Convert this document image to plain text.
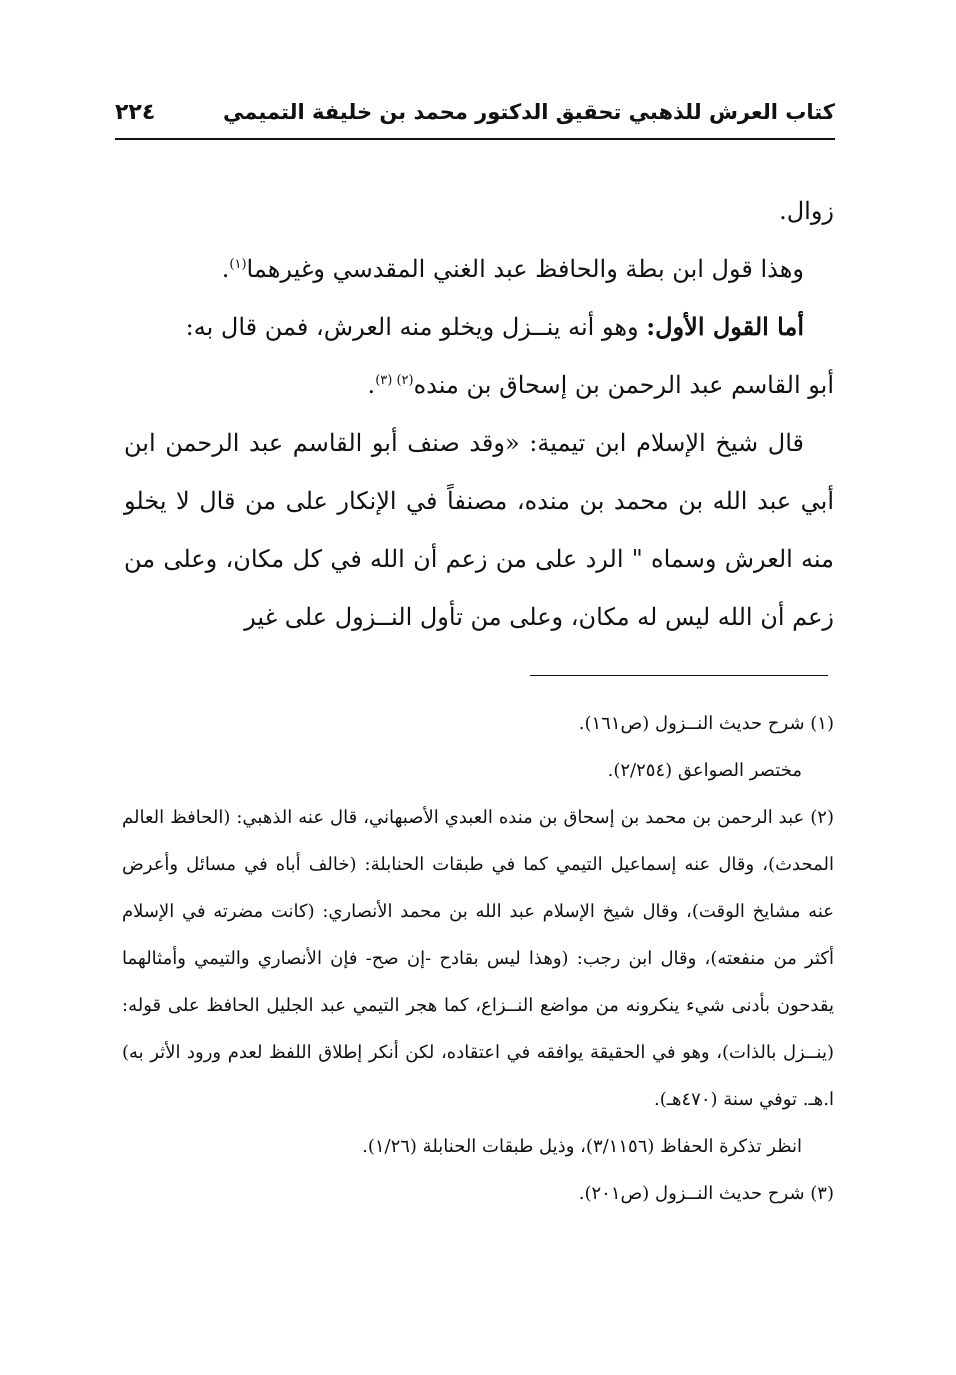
كتاب العرش للذهبي تحقيق الدكتور محمد بن خليفة التميمي
٢٢٤

زوال.

وهذا قول ابن بطة والحافظ عبد الغني المقدسي وغيرهما$^{(١)}$.

أما القول الأول: وهو أنه ينــزل ويخلو منه العرش، فمن قال به:

أبو القاسم عبد الرحمن بن إسحاق بن منده$^{(٢) (٣)}$.

قال شيخ الإسلام ابن تيمية: «وقد صنف أبو القاسم عبد الرحمن ابن أبي عبد الله بن محمد بن منده، مصنفاً في الإنكار على من قال لا يخلو منه العرش وسماه " الرد على من زعم أن الله في كل مكان، وعلى من زعم أن الله ليس له مكان، وعلى من تأول النــزول على غير

(١) شرح حديث النــزول (ص١٦١).

مختصر الصواعق (٢/٢٥٤).

(٢) عبد الرحمن بن محمد بن إسحاق بن منده العبدي الأصبهاني، قال عنه الذهبي: (الحافظ العالم المحدث)، وقال عنه إسماعيل التيمي كما في طبقات الحنابلة: (خالف أباه في مسائل وأعرض عنه مشايخ الوقت)، وقال شيخ الإسلام عبد الله بن محمد الأنصاري: (كانت مضرته في الإسلام أكثر من منفعته)، وقال ابن رجب: (وهذا ليس بقادح -إن صح- فإن الأنصاري والتيمي وأمثالهما يقدحون بأدنى شيء ينكرونه من مواضع النــزاع، كما هجر التيمي عبد الجليل الحافظ على قوله: (ينــزل بالذات)، وهو في الحقيقة يوافقه في اعتقاده، لكن أنكر إطلاق اللفظ لعدم ورود الأثر به) ا.هـ. توفي سنة (٤٧٠هـ).

انظر تذكرة الحفاظ (٣/١١٥٦)، وذيل طبقات الحنابلة (١/٢٦).

(٣) شرح حديث النــزول (ص٢٠١).
